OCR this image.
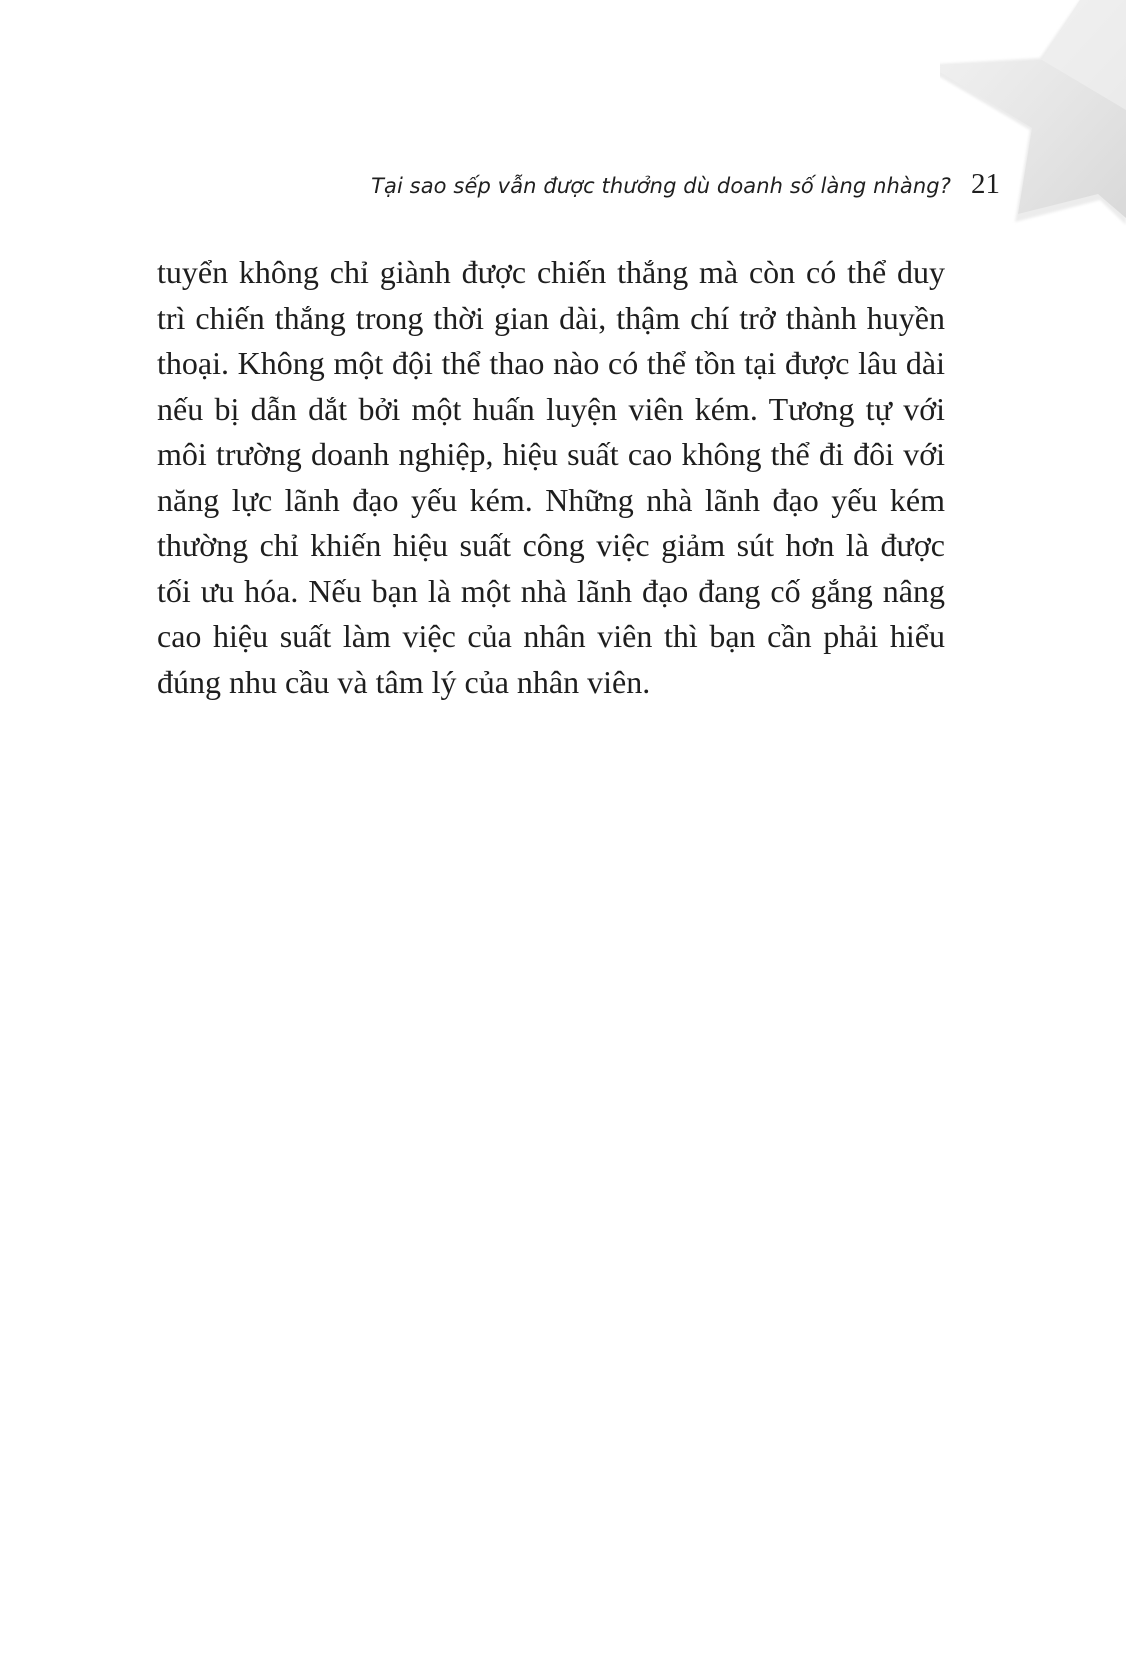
Tại sao sếp vẫn được thưởng dù doanh số làng nhàng? 21

tuyển không chỉ giành được chiến thắng mà còn có thể duy
trì chiến thắng trong thời gian dài, thậm chí trở thành huyền
thoại. Không một đội thể thao nào có thể tồn tại được lâu dài
nếu bị dẫn dắt bởi một huấn luyện viên kém. Tương tự với
môi trường doanh nghiệp, hiệu suất cao không thể đi đôi với
năng lực lãnh đạo yếu kém. Những nhà lãnh đạo yếu kém
thường chỉ khiến hiệu suất công việc giảm sút hơn là được
tối ưu hóa. Nếu bạn là một nhà lãnh đạo đang cố gắng nâng
cao hiệu suất làm việc của nhân viên thì bạn cần phải hiểu
đúng nhu cầu và tâm lý của nhân viên.
